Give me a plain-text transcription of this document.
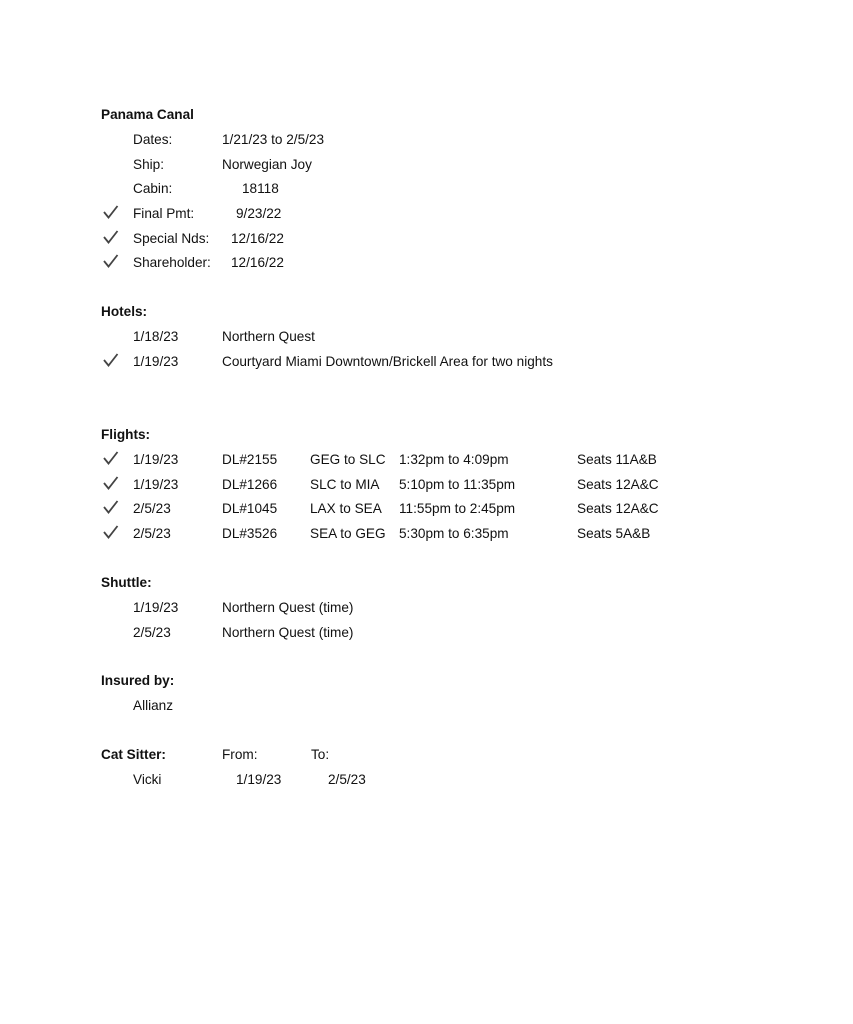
Panama Canal
Dates:	1/21/23 to 2/5/23
Ship:	Norwegian Joy
Cabin:	18118
Final Pmt:	9/23/22
Special Nds: 12/16/22
Shareholder: 12/16/22
Hotels:
1/18/23	Northern Quest
1/19/23	Courtyard Miami Downtown/Brickell Area for two nights
Flights:
1/19/23	DL#2155 GEG to SLC 1:32pm to 4:09pm	Seats 11A&B
1/19/23	DL#1266 SLC to MIA 5:10pm to 11:35pm	Seats 12A&C
2/5/23	DL#1045 LAX to SEA 11:55pm to 2:45pm	Seats 12A&C
2/5/23	DL#3526 SEA to GEG 5:30pm to 6:35pm	Seats 5A&B
Shuttle:
1/19/23	Northern Quest (time)
2/5/23	Northern Quest (time)
Insured by:
Allianz
Cat Sitter:	From:	To:
Vicki	1/19/23	2/5/23
